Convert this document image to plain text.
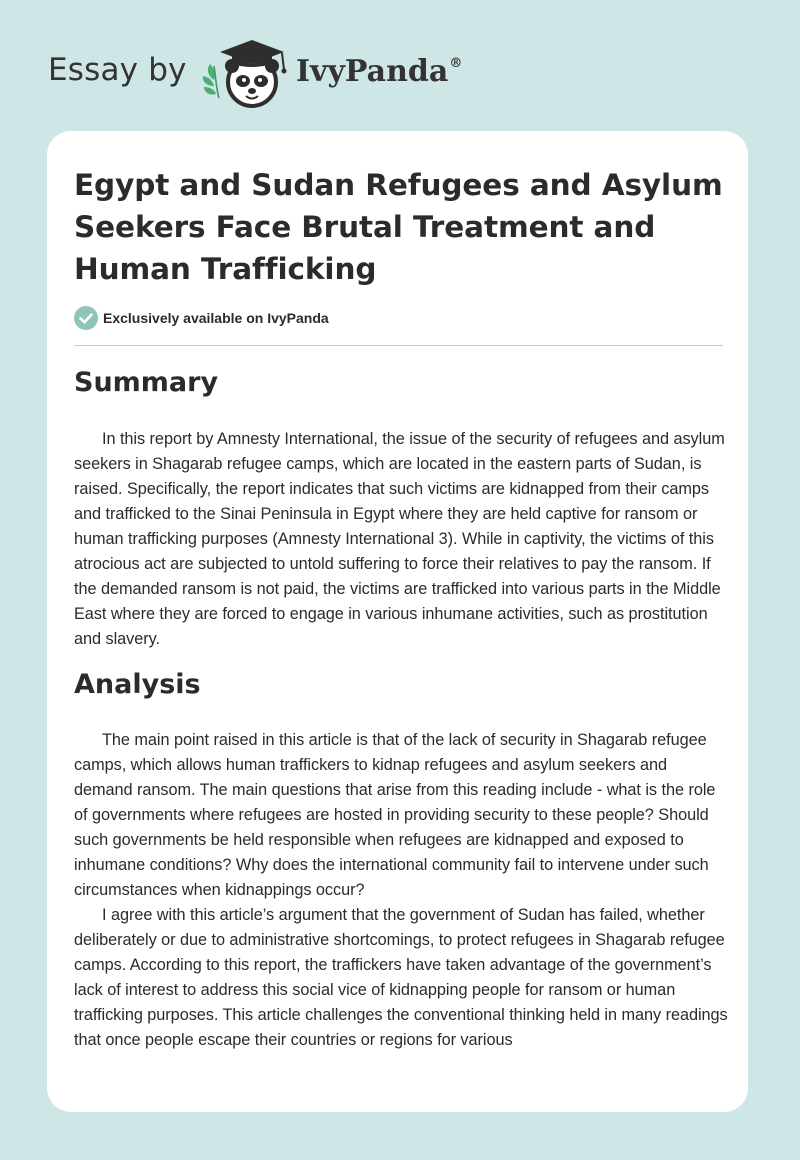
Essay by	IvyPanda®
Egypt and Sudan Refugees and Asylum Seekers Face Brutal Treatment and Human Trafficking
Exclusively available on IvyPanda
Summary

In this report by Amnesty International, the issue of the security of refugees and asylum seekers in Shagarab refugee camps, which are located in the eastern parts of Sudan, is raised. Specifically, the report indicates that such victims are kidnapped from their camps and trafficked to the Sinai Peninsula in Egypt where they are held captive for ransom or human trafficking purposes (Amnesty International 3). While in captivity, the victims of this atrocious act are subjected to untold suffering to force their relatives to pay the ransom. If the demanded ransom is not paid, the victims are trafficked into various parts in the Middle East where they are forced to engage in various inhumane activities, such as prostitution and slavery.

Analysis

The main point raised in this article is that of the lack of security in Shagarab refugee camps, which allows human traffickers to kidnap refugees and asylum seekers and demand ransom. The main questions that arise from this reading include - what is the role of governments where refugees are hosted in providing security to these people? Should such governments be held responsible when refugees are kidnapped and exposed to inhumane conditions? Why does the international community fail to intervene under such circumstances when kidnappings occur?

I agree with this article’s argument that the government of Sudan has failed, whether deliberately or due to administrative shortcomings, to protect refugees in Shagarab refugee camps. According to this report, the traffickers have taken advantage of the government’s lack of interest to address this social vice of kidnapping people for ransom or human trafficking purposes. This article challenges the conventional thinking held in many readings that once people escape their countries or regions for various
